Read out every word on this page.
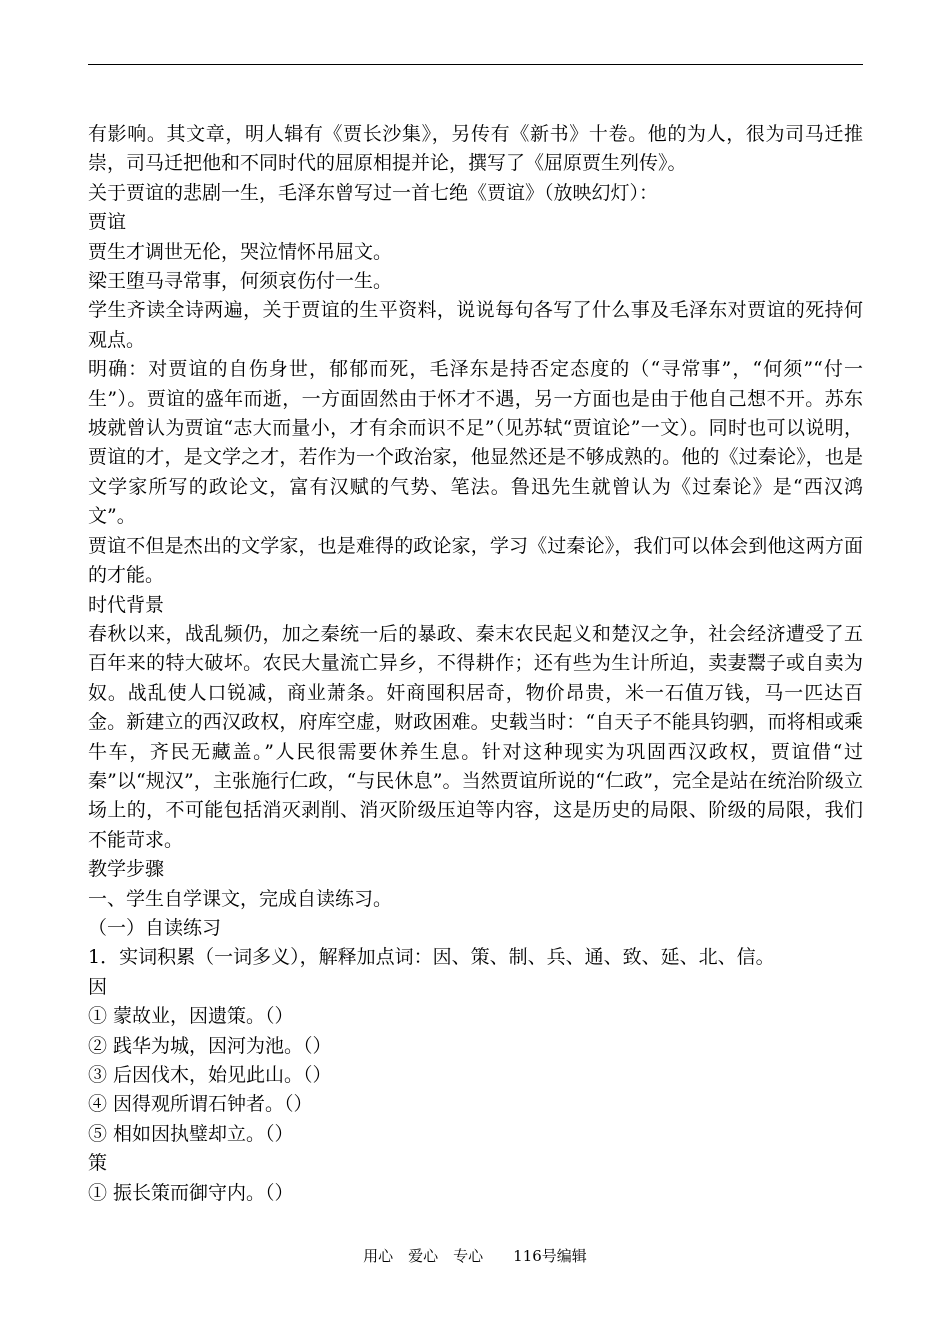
有影响。其文章，明人辑有《贾长沙集》，另传有《新书》十卷。他的为人，很为司马迁推崇，司马迁把他和不同时代的屈原相提并论，撰写了《屈原贾生列传》。

关于贾谊的悲剧一生，毛泽东曾写过一首七绝《贾谊》（放映幻灯）：

贾谊

贾生才调世无伦，哭泣情怀吊屈文。

梁王堕马寻常事，何须哀伤付一生。

学生齐读全诗两遍，关于贾谊的生平资料，说说每句各写了什么事及毛泽东对贾谊的死持何观点。

明确：对贾谊的自伤身世，郁郁而死，毛泽东是持否定态度的（“寻常事”，“何须”“付一生”）。贾谊的盛年而逝，一方面固然由于怀才不遇，另一方面也是由于他自己想不开。苏东坡就曾认为贾谊“志大而量小，才有余而识不足”（见苏轼“贾谊论”一文）。同时也可以说明，贾谊的才，是文学之才，若作为一个政治家，他显然还是不够成熟的。他的《过秦论》，也是文学家所写的政论文，富有汉赋的气势、笔法。鲁迅先生就曾认为《过秦论》是“西汉鸿文”。

贾谊不但是杰出的文学家，也是难得的政论家，学习《过秦论》，我们可以体会到他这两方面的才能。

时代背景

春秋以来，战乱频仍，加之秦统一后的暴政、秦末农民起义和楚汉之争，社会经济遭受了五百年来的特大破坏。农民大量流亡异乡，不得耕作；还有些为生计所迫，卖妻鬻子或自卖为奴。战乱使人口锐减，商业萧条。奸商囤积居奇，物价昂贵，米一石值万钱，马一匹达百金。新建立的西汉政权，府库空虚，财政困难。史载当时：“自天子不能具钧驷，而将相或乘牛车，齐民无藏盖。”人民很需要休养生息。针对这种现实为巩固西汉政权，贾谊借“过秦”以“规汉”，主张施行仁政，“与民休息”。当然贾谊所说的“仁政”，完全是站在统治阶级立场上的，不可能包括消灭剥削、消灭阶级压迫等内容，这是历史的局限、阶级的局限，我们不能苛求。

教学步骤

一、学生自学课文，完成自读练习。

（一）自读练习

1．实词积累（一词多义），解释加点词：因、策、制、兵、通、致、延、北、信。

因

① 蒙故业，因遗策。（）

② 践华为城，因河为池。（）

③ 后因伐木，始见此山。（）

④ 因得观所谓石钟者。（）

⑤ 相如因执璧却立。（）

策

① 振长策而御守内。（）

用心　爱心　专心　　116号编辑
